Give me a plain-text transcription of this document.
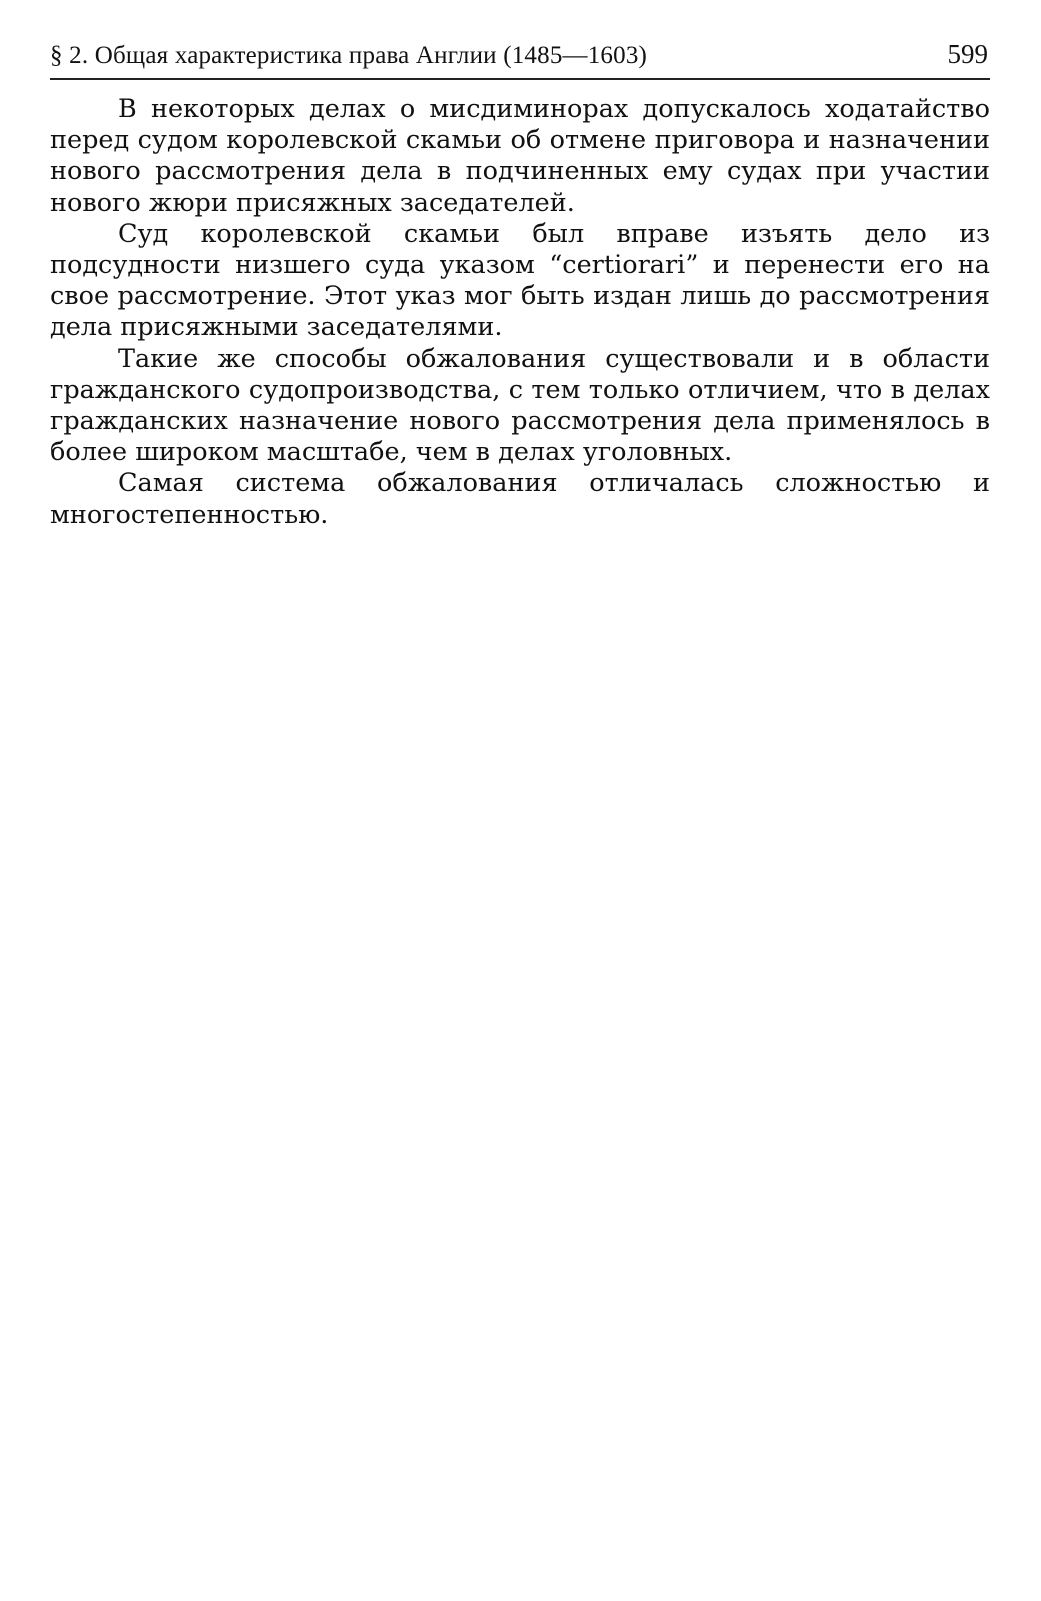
§ 2. Общая характеристика права Англии (1485—1603)	599

В некоторых делах о мисдиминорах допускалось ходатайство перед судом королевской скамьи об отмене приговора и назначении нового рассмотрения дела в подчиненных ему судах при участии нового жюри присяжных заседателей.

Суд королевской скамьи был вправе изъять дело из подсудности низшего суда указом “certiorari” и перенести его на свое рассмотрение. Этот указ мог быть издан лишь до рассмотрения дела присяжными заседателями.

Такие же способы обжалования существовали и в области гражданского судопроизводства, с тем только отличием, что в делах гражданских назначение нового рассмотрения дела применялось в более широком масштабе, чем в делах уголовных.

Самая система обжалования отличалась сложностью и многостепенностью.
